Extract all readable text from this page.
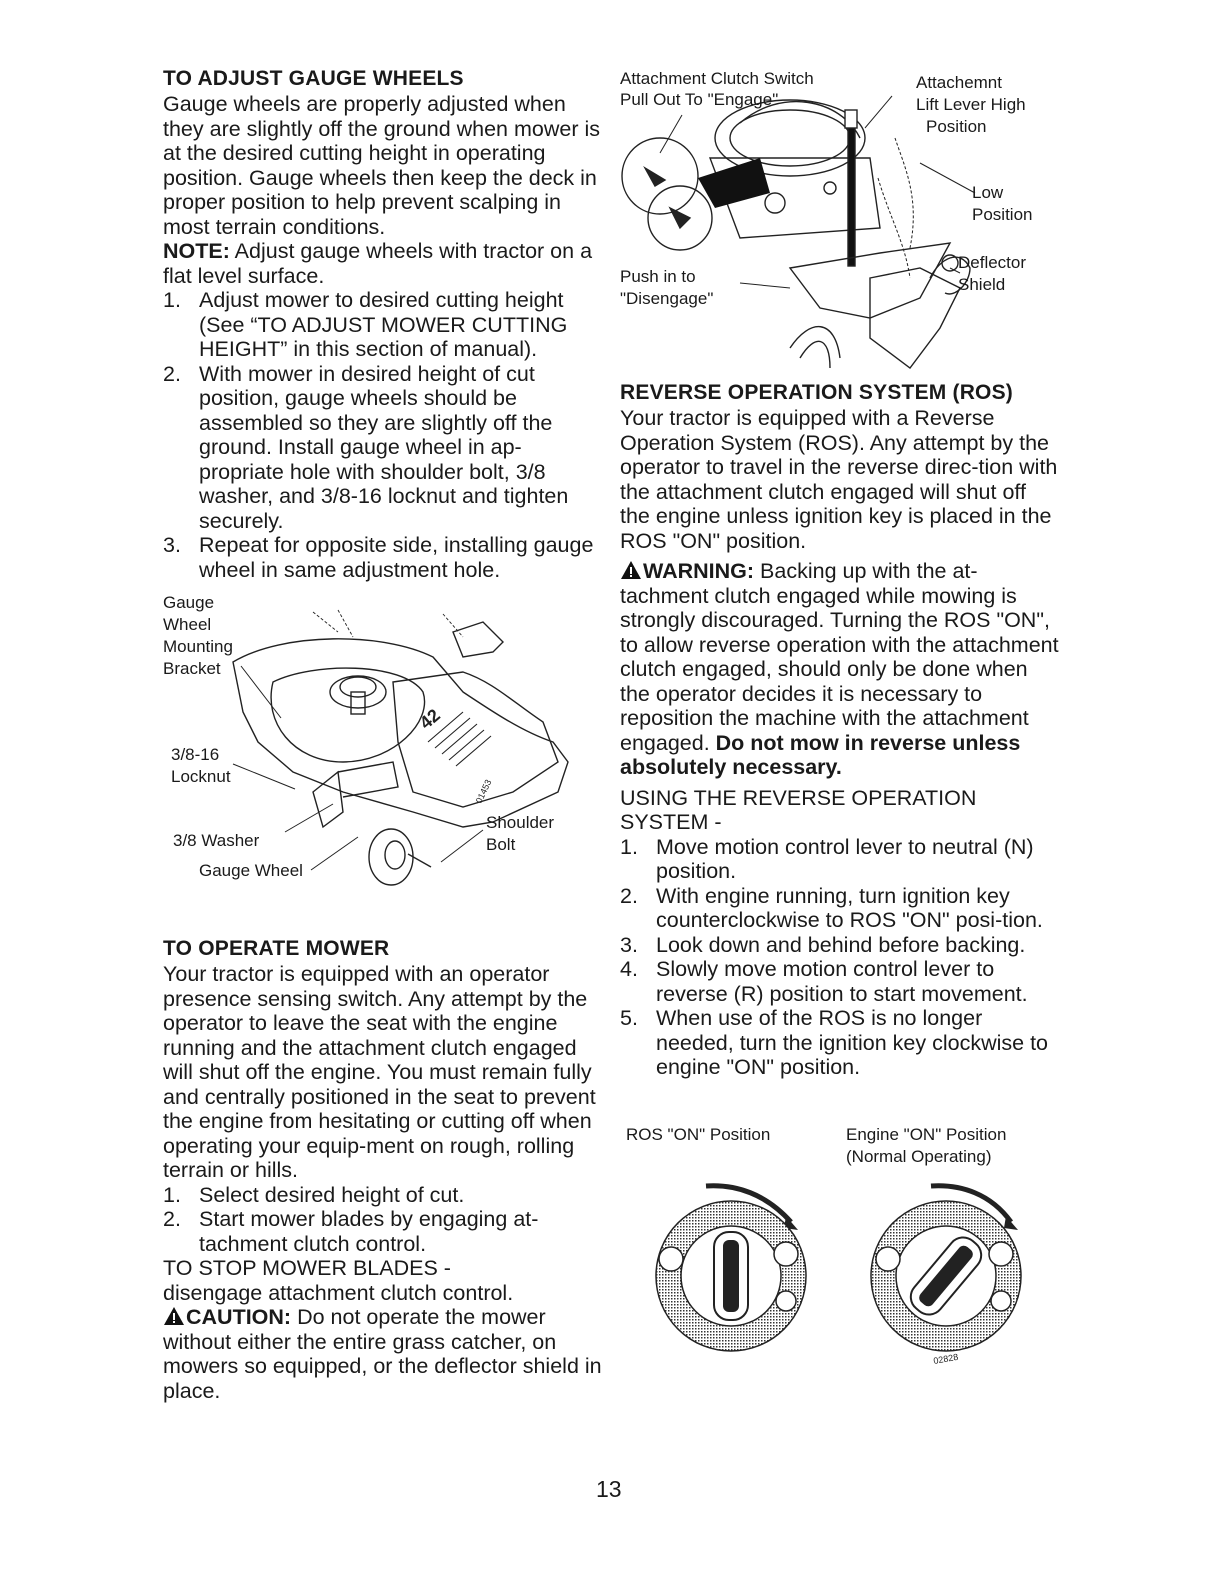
TO ADJUST GAUGE WHEELS

Gauge wheels are properly adjusted when they are slightly off the ground when mower is at the desired cutting height in operating position. Gauge wheels then keep the deck in proper position to help prevent scalping in most terrain conditions.

NOTE: Adjust gauge wheels with tractor on a flat level surface.

1. Adjust mower to desired cutting height (See “TO ADJUST MOWER CUTTING HEIGHT” in this section of manual).
2. With mower in desired height of cut position, gauge wheels should be assembled so they are slightly off the ground. Install gauge wheel in ap-propriate hole with shoulder bolt, 3/8 washer, and 3/8-16 locknut and tighten securely.
3. Repeat for opposite side, installing gauge wheel in same adjustment hole.
42
01453
Gauge
Wheel
Mounting
Bracket
3/8-16
Locknut
3/8 Washer
Gauge Wheel
Shoulder
Bolt
TO OPERATE MOWER

Your tractor is equipped with an operator presence sensing switch. Any attempt by the operator to leave the seat with the engine running and the attachment clutch engaged will shut off the engine. You must remain fully and centrally positioned in the seat to prevent the engine from hesitating or cutting off when operating your equip-ment on rough, rolling terrain or hills.

1. Select desired height of cut.
2. Start mower blades by engaging at-tachment clutch control.

TO STOP MOWER BLADES -

disengage attachment clutch control.

CAUTION: Do not operate the mower without either the entire grass catcher, on mowers so equipped, or the deflector shield in place.

Attachment Clutch Switch
Pull Out To "Engage"
Attachemnt
Lift Lever High
Position
Low
Position
Deflector
Shield
Push in to
"Disengage"
REVERSE OPERATION SYSTEM (ROS)

Your tractor is equipped with a Reverse Operation System (ROS). Any attempt by the operator to travel in the reverse direc-tion with the attachment clutch engaged will shut off the engine unless ignition key is placed in the ROS "ON" position.

WARNING: Backing up with the at-tachment clutch engaged while mowing is strongly discouraged. Turning the ROS "ON", to allow reverse operation with the attachment clutch engaged, should only be done when the operator decides it is necessary to reposition the machine with the attachment engaged. Do not mow in reverse unless absolutely necessary.

USING THE REVERSE OPERATION SYSTEM -

1. Move motion control lever to neutral (N) position.
2. With engine running, turn ignition key counterclockwise to ROS "ON" posi-tion.
3. Look down and behind before backing.
4. Slowly move motion control lever to reverse (R) position to start movement.
5. When use of the ROS is no longer needed, turn the ignition key clockwise to engine "ON" position.
ROS "ON" Position	Engine "ON" Position
(Normal Operating)
02828
13
